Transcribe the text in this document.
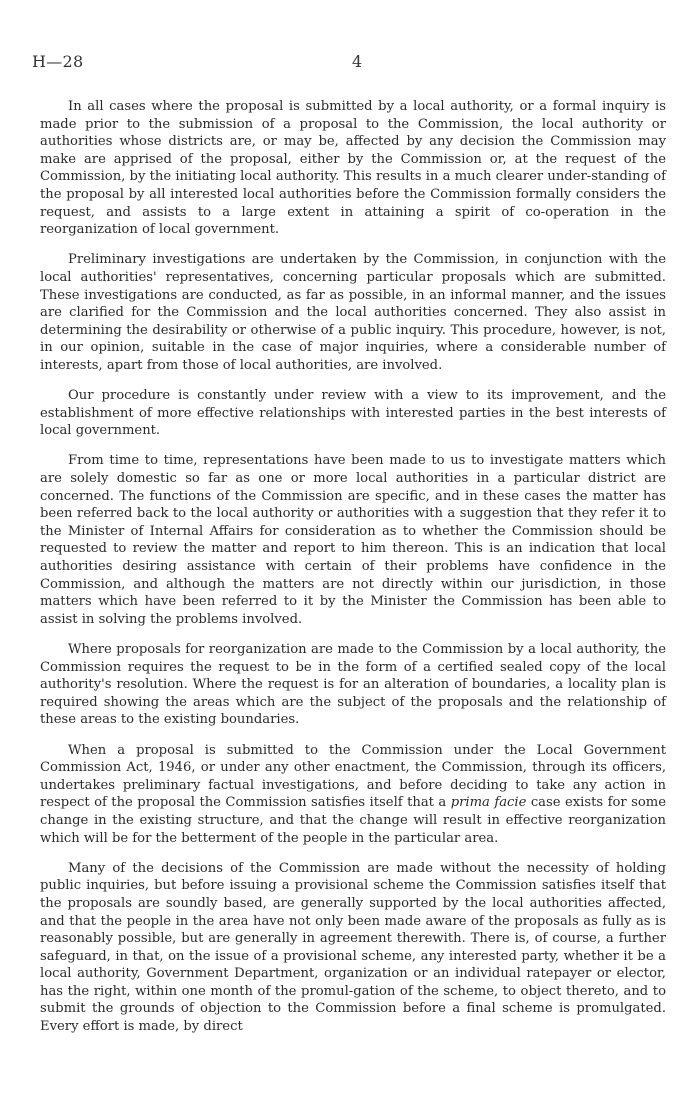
H—28	4

In all cases where the proposal is submitted by a local authority, or a formal inquiry is made prior to the submission of a proposal to the Commission, the local authority or authorities whose districts are, or may be, affected by any decision the Commission may make are apprised of the proposal, either by the Commission or, at the request of the Commission, by the initiating local authority. This results in a much clearer under-standing of the proposal by all interested local authorities before the Commission formally considers the request, and assists to a large extent in attaining a spirit of co-operation in the reorganization of local government.

Preliminary investigations are undertaken by the Commission, in conjunction with the local authorities' representatives, concerning particular proposals which are submitted. These investigations are conducted, as far as possible, in an informal manner, and the issues are clarified for the Commission and the local authorities concerned. They also assist in determining the desirability or otherwise of a public inquiry. This procedure, however, is not, in our opinion, suitable in the case of major inquiries, where a considerable number of interests, apart from those of local authorities, are involved.

Our procedure is constantly under review with a view to its improvement, and the establishment of more effective relationships with interested parties in the best interests of local government.

From time to time, representations have been made to us to investigate matters which are solely domestic so far as one or more local authorities in a particular district are concerned. The functions of the Commission are specific, and in these cases the matter has been referred back to the local authority or authorities with a suggestion that they refer it to the Minister of Internal Affairs for consideration as to whether the Commission should be requested to review the matter and report to him thereon. This is an indication that local authorities desiring assistance with certain of their problems have confidence in the Commission, and although the matters are not directly within our jurisdiction, in those matters which have been referred to it by the Minister the Commission has been able to assist in solving the problems involved.

Where proposals for reorganization are made to the Commission by a local authority, the Commission requires the request to be in the form of a certified sealed copy of the local authority's resolution. Where the request is for an alteration of boundaries, a locality plan is required showing the areas which are the subject of the proposals and the relationship of these areas to the existing boundaries.

When a proposal is submitted to the Commission under the Local Government Commission Act, 1946, or under any other enactment, the Commission, through its officers, undertakes preliminary factual investigations, and before deciding to take any action in respect of the proposal the Commission satisfies itself that a prima facie case exists for some change in the existing structure, and that the change will result in effective reorganization which will be for the betterment of the people in the particular area.

Many of the decisions of the Commission are made without the necessity of holding public inquiries, but before issuing a provisional scheme the Commission satisfies itself that the proposals are soundly based, are generally supported by the local authorities affected, and that the people in the area have not only been made aware of the proposals as fully as is reasonably possible, but are generally in agreement therewith. There is, of course, a further safeguard, in that, on the issue of a provisional scheme, any interested party, whether it be a local authority, Government Department, organization or an individual ratepayer or elector, has the right, within one month of the promul-gation of the scheme, to object thereto, and to submit the grounds of objection to the Commission before a final scheme is promulgated. Every effort is made, by direct
